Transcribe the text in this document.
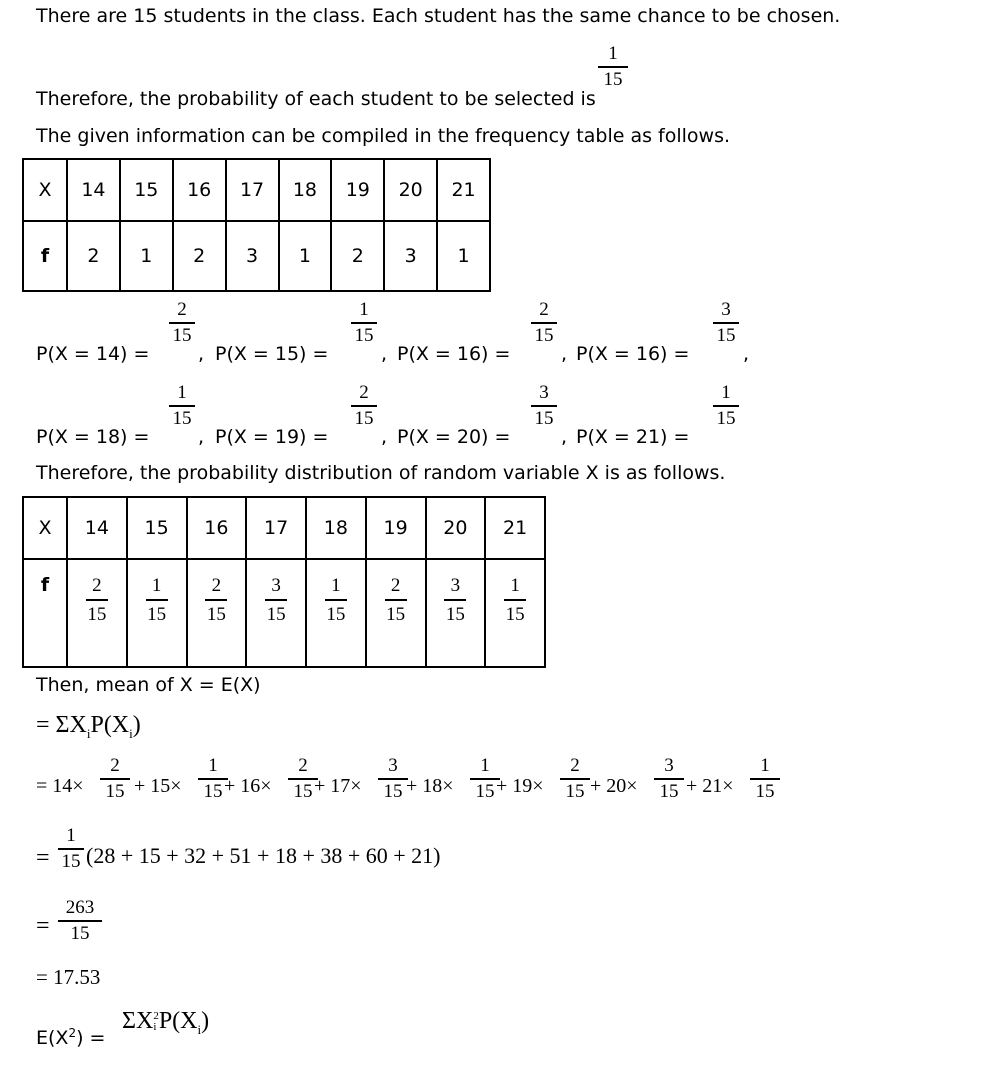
There are 15 students in the class. Each student has the same chance to be chosen.
1
15
Therefore, the probability of each student to be selected is
The given information can be compiled in the frequency table as follows.
X	14	15	16	17	18	19	20	21
f	2	1	2	3	1	2	3	1
P(X = 14) =
2
15
, P(X = 15) =
1
15
, P(X = 16) =
2
15
, P(X = 16) =
3
15
,
P(X = 18) =
1
15
, P(X = 19) =
2
15
, P(X = 20) =
3
15
, P(X = 21) =
1
15
Therefore, the probability distribution of random variable X is as follows.
X	14	15	16	17	18	19	20	21
f	$\frac{2}{15}$	$\frac{1}{15}$	$\frac{2}{15}$	$\frac{3}{15}$	$\frac{1}{15}$	$\frac{2}{15}$	$\frac{3}{15}$	$\frac{1}{15}$
Then, mean of X = E(X)
= $\Sigma X_iP(X_i)$
= 14×
2
15 + 15×
1
15 + 16×
2
15 + 17×
3
15 + 18×
1
15 + 19×
2
15 + 20×
3
15 + 21×
1
15
=
1
15 (28 + 15 + 32 + 51 + 18 + 38 + 60 + 21)
=
263
15
= 17.53
$E(X^2)$ =
ΣX 2
i $P(X_i)$
